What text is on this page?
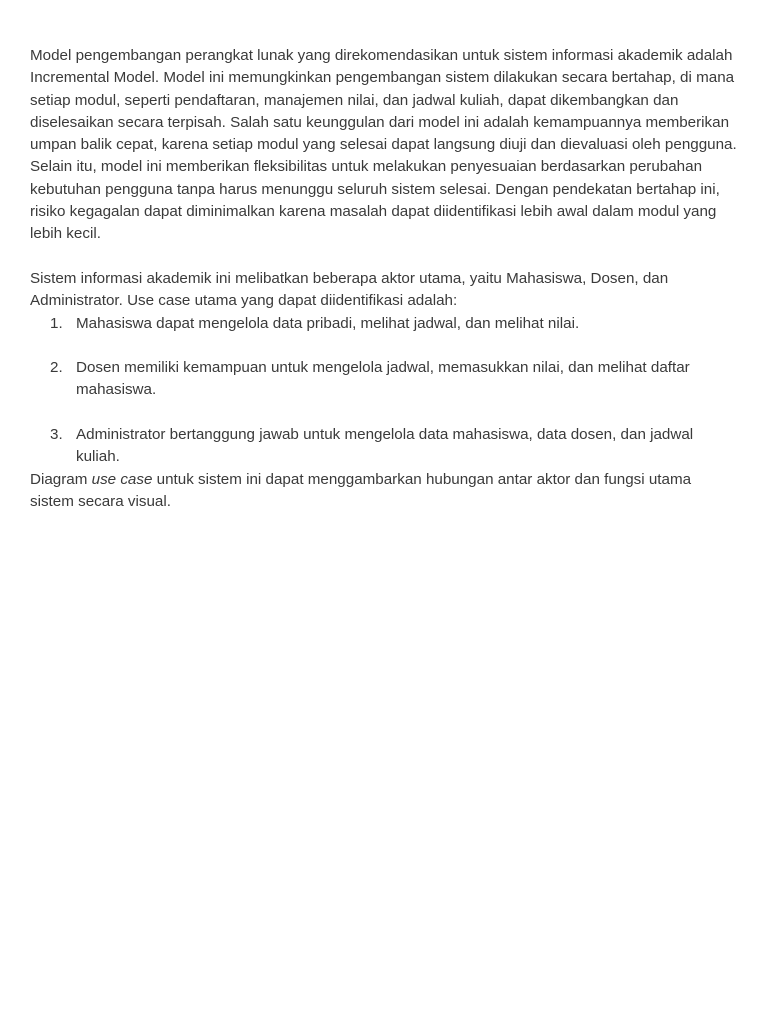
Model pengembangan perangkat lunak yang direkomendasikan untuk sistem informasi akademik adalah Incremental Model. Model ini memungkinkan pengembangan sistem dilakukan secara bertahap, di mana setiap modul, seperti pendaftaran, manajemen nilai, dan jadwal kuliah, dapat dikembangkan dan diselesaikan secara terpisah. Salah satu keunggulan dari model ini adalah kemampuannya memberikan umpan balik cepat, karena setiap modul yang selesai dapat langsung diuji dan dievaluasi oleh pengguna. Selain itu, model ini memberikan fleksibilitas untuk melakukan penyesuaian berdasarkan perubahan kebutuhan pengguna tanpa harus menunggu seluruh sistem selesai. Dengan pendekatan bertahap ini, risiko kegagalan dapat diminimalkan karena masalah dapat diidentifikasi lebih awal dalam modul yang lebih kecil.

Sistem informasi akademik ini melibatkan beberapa aktor utama, yaitu Mahasiswa, Dosen, dan Administrator. Use case utama yang dapat diidentifikasi adalah:

1. Mahasiswa dapat mengelola data pribadi, melihat jadwal, dan melihat nilai.
2. Dosen memiliki kemampuan untuk mengelola jadwal, memasukkan nilai, dan melihat daftar mahasiswa.
3. Administrator bertanggung jawab untuk mengelola data mahasiswa, data dosen, dan jadwal kuliah.

Diagram use case untuk sistem ini dapat menggambarkan hubungan antar aktor dan fungsi utama sistem secara visual.
